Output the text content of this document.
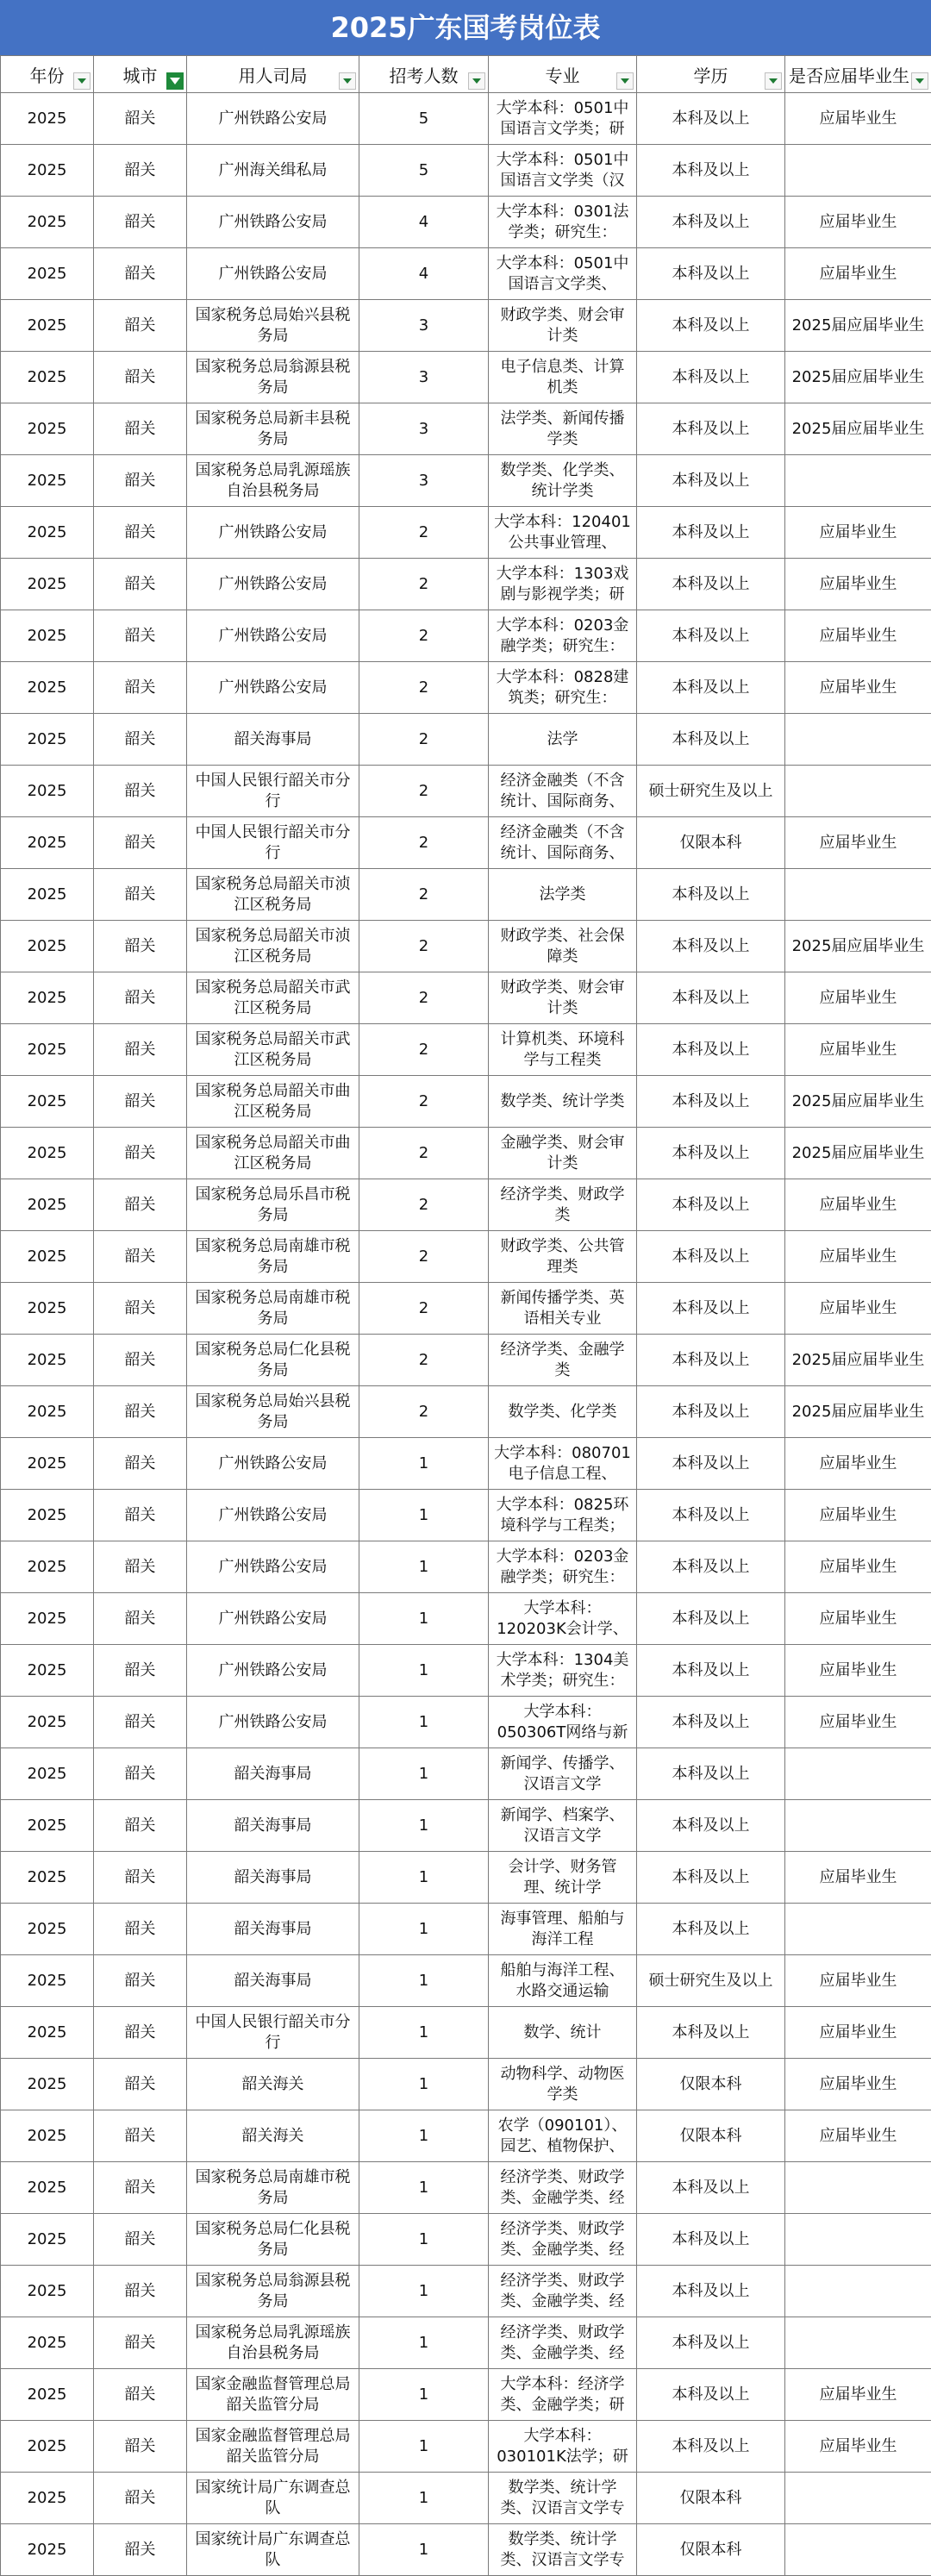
2025广东国考岗位表
年份	城市	用人司局	招考人数	专业	学历	是否应届毕业生

2025	韶关	广州铁路公安局	5	大学本科：0501中国语言文学类；研	本科及以上	应届毕业生
2025	韶关	广州海关缉私局	5	大学本科：0501中国语言文学类（汉	本科及以上	
2025	韶关	广州铁路公安局	4	大学本科：0301法学类；研究生：	本科及以上	应届毕业生
2025	韶关	广州铁路公安局	4	大学本科：0501中国语言文学类、	本科及以上	应届毕业生
2025	韶关	国家税务总局始兴县税务局	3	财政学类、财会审计类	本科及以上	2025届应届毕业生
2025	韶关	国家税务总局翁源县税务局	3	电子信息类、计算机类	本科及以上	2025届应届毕业生
2025	韶关	国家税务总局新丰县税务局	3	法学类、新闻传播学类	本科及以上	2025届应届毕业生
2025	韶关	国家税务总局乳源瑶族自治县税务局	3	数学类、化学类、统计学类	本科及以上	
2025	韶关	广州铁路公安局	2	大学本科：120401公共事业管理、	本科及以上	应届毕业生
2025	韶关	广州铁路公安局	2	大学本科：1303戏剧与影视学类；研	本科及以上	应届毕业生
2025	韶关	广州铁路公安局	2	大学本科：0203金融学类；研究生：	本科及以上	应届毕业生
2025	韶关	广州铁路公安局	2	大学本科：0828建筑类；研究生：	本科及以上	应届毕业生
2025	韶关	韶关海事局	2	法学	本科及以上	
2025	韶关	中国人民银行韶关市分行	2	经济金融类（不含统计、国际商务、	硕士研究生及以上	
2025	韶关	中国人民银行韶关市分行	2	经济金融类（不含统计、国际商务、	仅限本科	应届毕业生
2025	韶关	国家税务总局韶关市浈江区税务局	2	法学类	本科及以上	
2025	韶关	国家税务总局韶关市浈江区税务局	2	财政学类、社会保障类	本科及以上	2025届应届毕业生
2025	韶关	国家税务总局韶关市武江区税务局	2	财政学类、财会审计类	本科及以上	应届毕业生
2025	韶关	国家税务总局韶关市武江区税务局	2	计算机类、环境科学与工程类	本科及以上	应届毕业生
2025	韶关	国家税务总局韶关市曲江区税务局	2	数学类、统计学类	本科及以上	2025届应届毕业生
2025	韶关	国家税务总局韶关市曲江区税务局	2	金融学类、财会审计类	本科及以上	2025届应届毕业生
2025	韶关	国家税务总局乐昌市税务局	2	经济学类、财政学类	本科及以上	应届毕业生
2025	韶关	国家税务总局南雄市税务局	2	财政学类、公共管理类	本科及以上	应届毕业生
2025	韶关	国家税务总局南雄市税务局	2	新闻传播学类、英语相关专业	本科及以上	应届毕业生
2025	韶关	国家税务总局仁化县税务局	2	经济学类、金融学类	本科及以上	2025届应届毕业生
2025	韶关	国家税务总局始兴县税务局	2	数学类、化学类	本科及以上	2025届应届毕业生
2025	韶关	广州铁路公安局	1	大学本科：080701电子信息工程、	本科及以上	应届毕业生
2025	韶关	广州铁路公安局	1	大学本科：0825环境科学与工程类；	本科及以上	应届毕业生
2025	韶关	广州铁路公安局	1	大学本科：0203金融学类；研究生：	本科及以上	应届毕业生
2025	韶关	广州铁路公安局	1	大学本科：120203K会计学、	本科及以上	应届毕业生
2025	韶关	广州铁路公安局	1	大学本科：1304美术学类；研究生：	本科及以上	应届毕业生
2025	韶关	广州铁路公安局	1	大学本科：050306T网络与新	本科及以上	应届毕业生
2025	韶关	韶关海事局	1	新闻学、传播学、汉语言文学	本科及以上	
2025	韶关	韶关海事局	1	新闻学、档案学、汉语言文学	本科及以上	
2025	韶关	韶关海事局	1	会计学、财务管理、统计学	本科及以上	应届毕业生
2025	韶关	韶关海事局	1	海事管理、船舶与海洋工程	本科及以上	
2025	韶关	韶关海事局	1	船舶与海洋工程、水路交通运输	硕士研究生及以上	应届毕业生
2025	韶关	中国人民银行韶关市分行	1	数学、统计	本科及以上	应届毕业生
2025	韶关	韶关海关	1	动物科学、动物医学类	仅限本科	应届毕业生
2025	韶关	韶关海关	1	农学（090101）、园艺、植物保护、	仅限本科	应届毕业生
2025	韶关	国家税务总局南雄市税务局	1	经济学类、财政学类、金融学类、经	本科及以上	
2025	韶关	国家税务总局仁化县税务局	1	经济学类、财政学类、金融学类、经	本科及以上	
2025	韶关	国家税务总局翁源县税务局	1	经济学类、财政学类、金融学类、经	本科及以上	
2025	韶关	国家税务总局乳源瑶族自治县税务局	1	经济学类、财政学类、金融学类、经	本科及以上	
2025	韶关	国家金融监督管理总局韶关监管分局	1	大学本科：经济学类、金融学类；研	本科及以上	应届毕业生
2025	韶关	国家金融监督管理总局韶关监管分局	1	大学本科：030101K法学；研	本科及以上	应届毕业生
2025	韶关	国家统计局广东调查总队	1	数学类、统计学类、汉语言文学专	仅限本科	
2025	韶关	国家统计局广东调查总队	1	数学类、统计学类、汉语言文学专	仅限本科	
